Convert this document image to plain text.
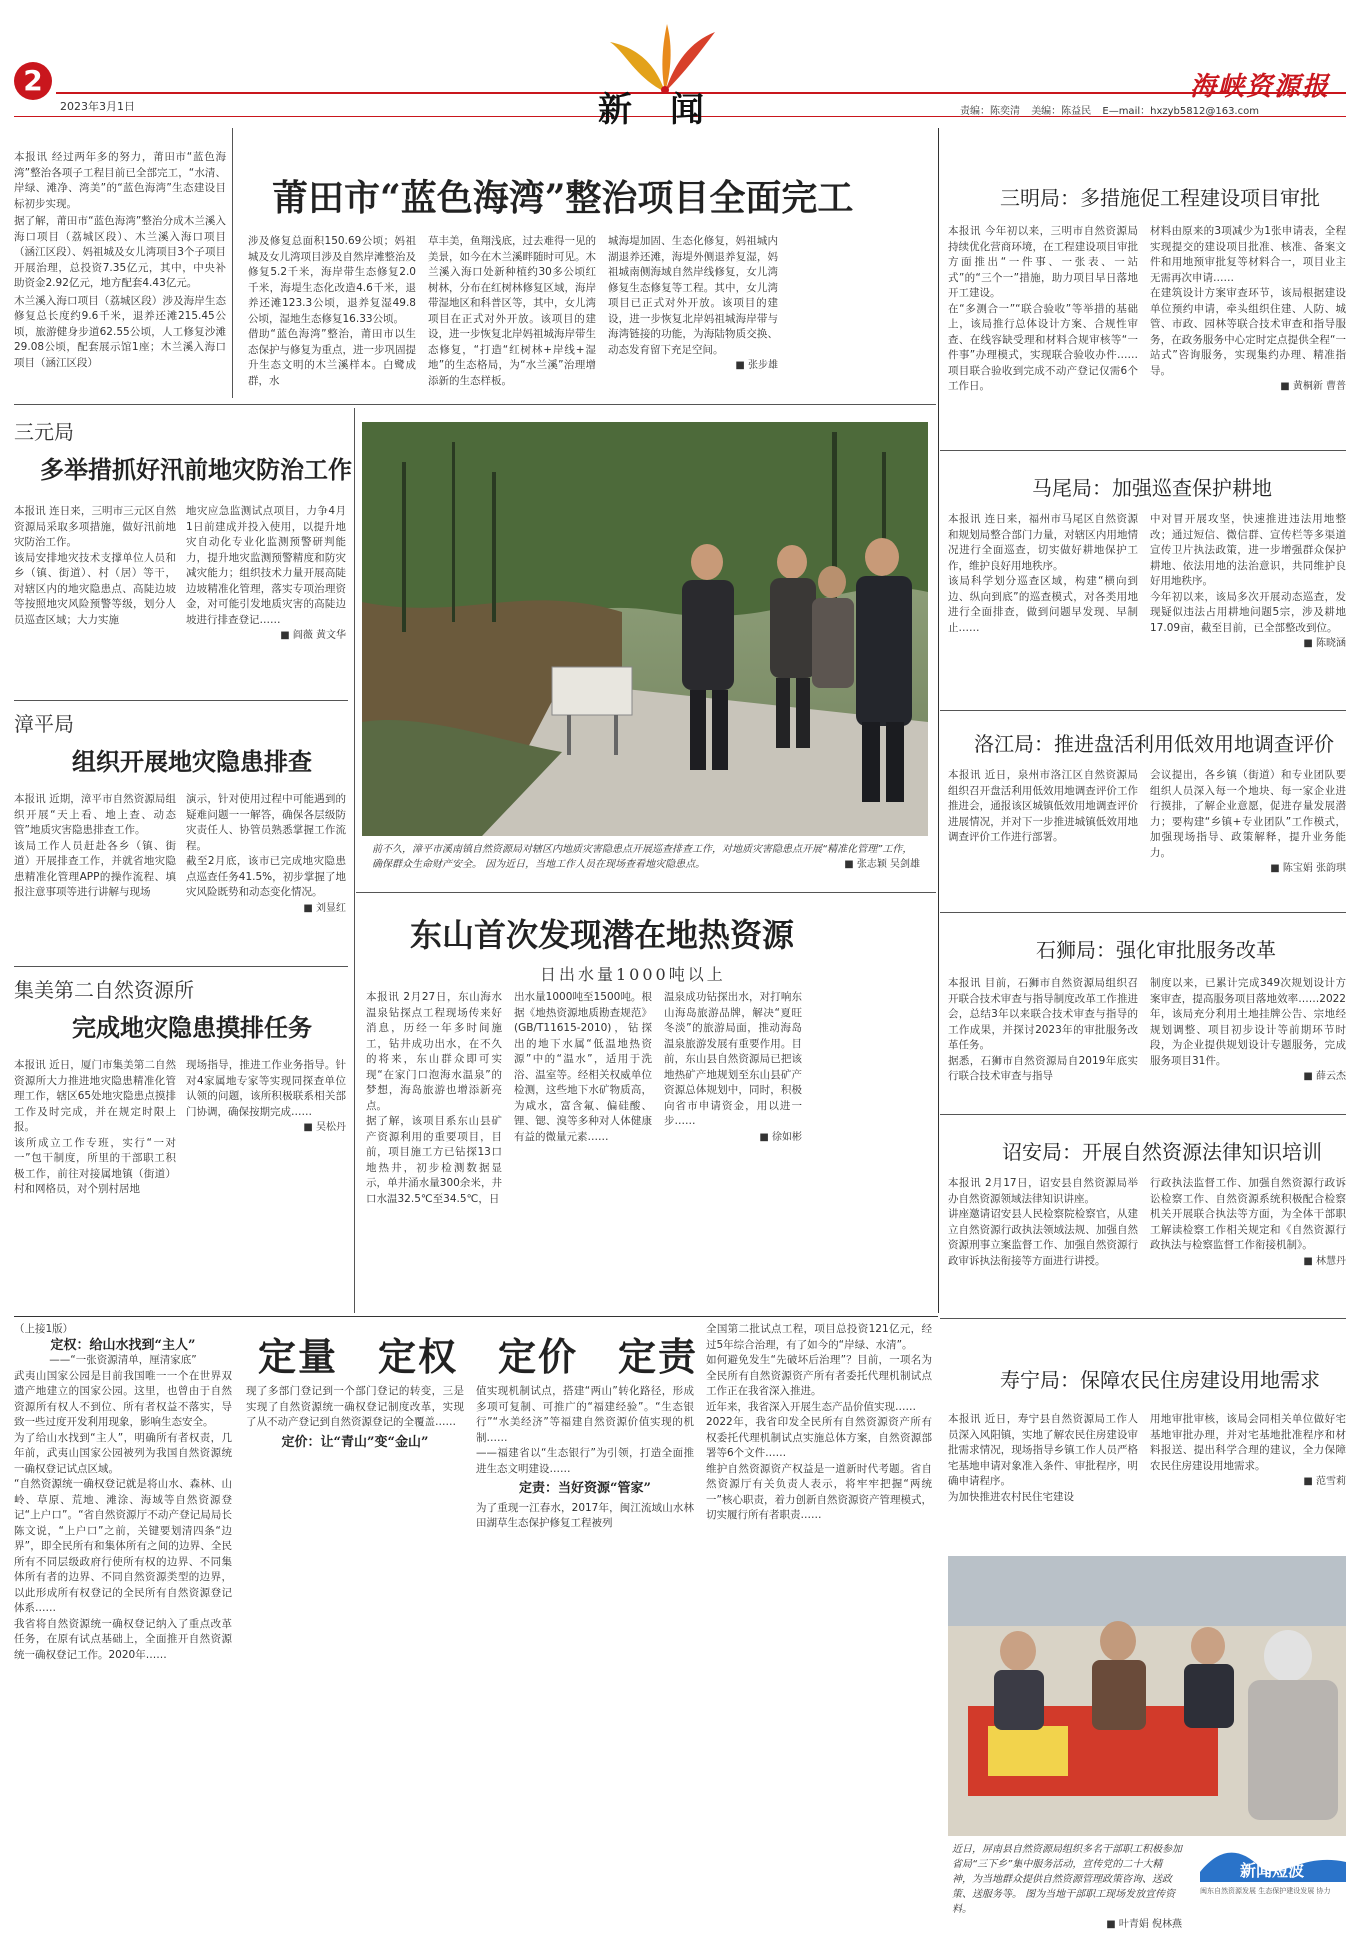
2
2023年3月1日	新　闻	责编：陈奕清 美编：陈益民 E—mail：hxzyb5812@163.com
海峡资源报

本报讯 经过两年多的努力，莆田市“蓝色海湾”整治各项子工程目前已全部完工，“水清、岸绿、滩净、湾美”的“蓝色海湾”生态建设目标初步实现。

据了解，莆田市“蓝色海湾”整治分成木兰溪入海口项目（荔城区段）、木兰溪入海口项目（涵江区段）、妈祖城及女儿湾项目3个子项目开展治理，总投资7.35亿元，其中，中央补助资金2.92亿元，地方配套4.43亿元。

木兰溪入海口项目（荔城区段）涉及海岸生态修复总长度约9.6千米，退养还滩215.45公顷，旅游健身步道62.55公顷，人工修复沙滩29.08公顷，配套展示馆1座；木兰溪入海口项目（涵江区段）

莆田市“蓝色海湾”整治项目全面完工
涉及修复总面积150.69公顷；妈祖城及女儿湾项目涉及自然岸滩整治及修复5.2千米，海岸带生态修复2.0千米，海堤生态化改造4.6千米，退养还滩123.3公顷，退养复湿49.8公顷，湿地生态修复16.33公顷。
借助“蓝色海湾”整治，莆田市以生态保护与修复为重点，进一步巩固提升生态文明的木兰溪样本。白鹭成群，水
草丰美，鱼翔浅底，过去难得一见的美景，如今在木兰溪畔随时可见。木兰溪入海口处新种植约30多公顷红树林，分布在红树林修复区域，海岸带湿地区和科普区等，其中，女儿湾项目在正式对外开放。该项目的建设，进一步恢复北岸妈祖城海岸带生态修复，“打造“红树林+岸线+湿地”的生态格局，为“水兰溪”治理增添新的生态样板。
城海堤加固、生态化修复，妈祖城内湖退养还滩，海堤外侧退养复湿，妈祖城南侧海域自然岸线修复，女儿湾修复生态修复等工程。其中，女儿湾项目已正式对外开放。该项目的建设，进一步恢复北岸妈祖城海岸带与海湾链接的功能，为海陆物质交换、动态发育留下充足空间。
■ 张步雄
三元局
多举措抓好汛前地灾防治工作
本报讯 连日来，三明市三元区自然资源局采取多项措施，做好汛前地灾防治工作。
该局安排地灾技术支撑单位人员和乡（镇、街道）、村（居）等干，对辖区内的地灾隐患点、高陡边坡等按照地灾风险预警等级，划分人员巡查区域；大力实施
地灾应急监测试点项目，力争4月1日前建成并投入使用，以提升地灾自动化专业化监测预警研判能力，提升地灾监测预警精度和防灾减灾能力；组织技术力量开展高陡边坡精准化管理，落实专项治理资金，对可能引发地质灾害的高陡边坡进行排查登记……
■ 阎薇 黄文华
漳平局
组织开展地灾隐患排查
本报讯 近期，漳平市自然资源局组织开展“天上看、地上查、动态管”地质灾害隐患排查工作。
该局工作人员赶赴各乡（镇、街道）开展排查工作，并就省地灾隐患精准化管理APP的操作流程、填报注意事项等进行讲解与现场
演示，针对使用过程中可能遇到的疑难问题一一解答，确保各层级防灾责任人、协管员熟悉掌握工作流程。
截至2月底，该市已完成地灾隐患点巡查任务41.5%，初步掌握了地灾风险既势和动态变化情况。
■ 刘显红
集美第二自然资源所
完成地灾隐患摸排任务
本报讯 近日，厦门市集美第二自然资源所大力推进地灾隐患精准化管理工作，辖区65处地灾隐患点摸排工作及时完成，并在规定时限上报。
该所成立工作专班，实行“一对一”包干制度，所里的干部职工积极工作，前往对接属地镇（街道）村和网格员，对个别村居地
现场指导，推进工作业务指导。针对4家属地专家等实现同探查单位认领的问题，该所积极联系相关部门协调，确保按期完成……
■ 吴松丹
前不久，漳平市溪南镇自然资源局对辖区内地质灾害隐患点开展巡查排查工作，对地质灾害隐患点开展“精准化管理”工作，确保群众生命财产安全。 因为近日，当地工作人员在现场查看地灾隐患点。	■ 张志颖 吴剑雄
东山首次发现潜在地热资源
日出水量1000吨以上
本报讯 2月27日，东山海水温泉钻探点工程现场传来好消息，历经一年多时间施工，钻井成功出水，在不久的将来，东山群众即可实现“在家门口泡海水温泉”的梦想，海岛旅游也增添新亮点。
据了解，该项目系东山县矿产资源利用的重要项目，目前，项目施工方已钻探13口地热井，初步检测数据显示，单井涌水量300余米，井口水温32.5℃至34.5℃，日
出水量1000吨至1500吨。根据《地热资源地质勘查规范》(GB/T11615-2010)，钻探出的地下水属“低温地热资源”中的“温水”，适用于洗浴、温室等。经相关权威单位检测，这些地下水矿物质高，为咸水，富含氟、偏硅酸、锂、锶、溴等多种对人体健康有益的微量元素……
温泉成功钻探出水，对打响东山海岛旅游品牌，解决“夏旺冬淡”的旅游局面，推动海岛温泉旅游发展有重要作用。目前，东山县自然资源局已把该地热矿产地规划至东山县矿产资源总体规划中，同时，积极向省市申请资金，用以进一步……
■ 徐如彬
三明局：多措施促工程建设项目审批
本报讯 今年初以来，三明市自然资源局持续优化营商环境，在工程建设项目审批方面推出“一件事、一张表、一站式”的“三个一”措施，助力项目早日落地开工建设。
在“多测合一”“联合验收”等举措的基础上，该局推行总体设计方案、合规性审查、在线容缺受理和材料合规审核等“一件事”办理模式，实现联合验收办件……项目联合验收到完成不动产登记仅需6个工作日。
材料由原来的3项减少为1张申请表，全程实现提交的建设项目批准、核准、备案文件和用地预审批复等材料合一，项目业主无需再次申请……
在建筑设计方案审查环节，该局根据建设单位预约申请，牵头组织住建、人防、城管、市政、园林等联合技术审查和指导服务，在政务服务中心定时定点提供全程“一站式”咨询服务，实现集约办理、精准指导。
■ 黄桐新 曹普
马尾局：加强巡查保护耕地
本报讯 连日来，福州市马尾区自然资源和规划局整合部门力量，对辖区内用地情况进行全面巡查，切实做好耕地保护工作，维护良好用地秩序。
该局科学划分巡查区域，构建“横向到边、纵向到底”的巡查模式，对各类用地进行全面排查，做到问题早发现、早制止……
中对冒开展攻坚，快速推进违法用地整改；通过短信、微信群、宣传栏等多渠道宣传卫片执法政策，进一步增强群众保护耕地、依法用地的法治意识，共同维护良好用地秩序。
今年初以来，该局多次开展动态巡查，发现疑似违法占用耕地问题5宗，涉及耕地17.09亩，截至目前，已全部整改到位。
■ 陈晓涵
洛江局：推进盘活利用低效用地调查评价
本报讯 近日，泉州市洛江区自然资源局组织召开盘活利用低效用地调查评价工作推进会，通报该区城镇低效用地调查评价进展情况，并对下一步推进城镇低效用地调查评价工作进行部署。
会议提出，各乡镇（街道）和专业团队要组织人员深入每一个地块、每一家企业进行摸排，了解企业意愿，促进存量发展潜力；要构建“乡镇+专业团队”工作模式，加强现场指导、政策解释，提升业务能力。
■ 陈宝娟 张韵琪
石狮局：强化审批服务改革
本报讯 目前，石狮市自然资源局组织召开联合技术审查与指导制度改革工作推进会，总结3年以来联合技术审查与指导的工作成果，并探讨2023年的审批服务改革任务。
据悉，石狮市自然资源局自2019年底实行联合技术审查与指导
制度以来，已累计完成349次规划设计方案审查，提高服务项目落地效率……2022年，该局充分利用土地挂牌公告、宗地经规划调整、项目初步设计等前期环节时段，为企业提供规划设计专题服务，完成服务项目31件。
■ 薛云杰
诏安局：开展自然资源法律知识培训
本报讯 2月17日，诏安县自然资源局举办自然资源领域法律知识讲座。
讲座邀请诏安县人民检察院检察官，从建立自然资源行政执法领域法规、加强自然资源刑事立案监督工作、加强自然资源行政审诉执法衔接等方面进行讲授。
行政执法监督工作、加强自然资源行政诉讼检察工作、自然资源系统积极配合检察机关开展联合执法等方面，为全体干部职工解读检察工作相关规定和《自然资源行政执法与检察监督工作衔接机制》。
■ 林慧丹
寿宁局：保障农民住房建设用地需求
本报讯 近日，寿宁县自然资源局工作人员深入风阳镇，实地了解农民住房建设审批需求情况，现场指导乡镇工作人员严格宅基地申请对象准入条件、审批程序，明确申请程序。
为加快推进农村民住宅建设
用地审批审核，该局会同相关单位做好宅基地审批办理，并对宅基地批准程序和材料报送、提出科学合理的建议，全力保障农民住房建设用地需求。
■ 范雪莉
近日，屏南县自然资源局组织多名干部职工积极参加省局“三下乡”集中服务活动，宣传党的二十大精神，为当地群众提供自然资源管理政策咨询、送政策、送服务等。 图为当地干部职工现场发放宣传资料。
■ 叶青娟 倪林燕
新闻短波
闽东自然资源发展 生态保护建设发展 协力
定量　定权　定价　定责
（上接1版）
定权：给山水找到“主人”
——“一张资源清单，厘清家底”
武夷山国家公园是目前我国唯一一个在世界双遗产地建立的国家公园。这里，也曾由于自然资源所有权人不到位、所有者权益不落实，导致一些过度开发利用现象，影响生态安全。
为了给山水找到“主人”，明确所有者权责，几年前，武夷山国家公园被列为我国自然资源统一确权登记试点区域。
“自然资源统一确权登记就是将山水、森林、山岭、草原、荒地、滩涂、海域等自然资源登记“上户口”。“省自然资源厅不动产登记局局长陈文说，“上户口”之前，关键要划清四条“边界”，即全民所有和集体所有之间的边界、全民所有不同层级政府行使所有权的边界、不同集体所有者的边界、不同自然资源类型的边界，以此形成所有权登记的全民所有自然资源登记体系……
我省将自然资源统一确权登记纳入了重点改革任务，在原有试点基础上，全面推开自然资源统一确权登记工作。2020年……
现了多部门登记到一个部门登记的转变，三是实现了自然资源统一确权登记制度改革，实现了从不动产登记到自然资源登记的全覆盖……
定价：让“青山”变“金山”
值实现机制试点，搭建“两山”转化路径，形成多项可复制、可推广的“福建经验”。“生态银行”“水美经济”等福建自然资源价值实现的机制……
——福建省以“生态银行”为引领，打造全面推进生态文明建设……
定责：当好资源“管家”
为了重现一江春水，2017年，闽江流域山水林田湖草生态保护修复工程被列
全国第二批试点工程，项目总投资121亿元，经过5年综合治理，有了如今的“岸绿、水清”。
如何避免发生“先破坏后治理”？目前，一项名为全民所有自然资源资产所有者委托代理机制试点工作正在我省深入推进。
近年来，我省深入开展生态产品价值实现……
2022年，我省印发全民所有自然资源资产所有权委托代理机制试点实施总体方案，自然资源部署等6个文件……
维护自然资源资产权益是一道新时代考题。省自然资源厅有关负责人表示，将牢牢把握“两统一”核心职责，着力创新自然资源资产管理模式，切实履行所有者职责……
